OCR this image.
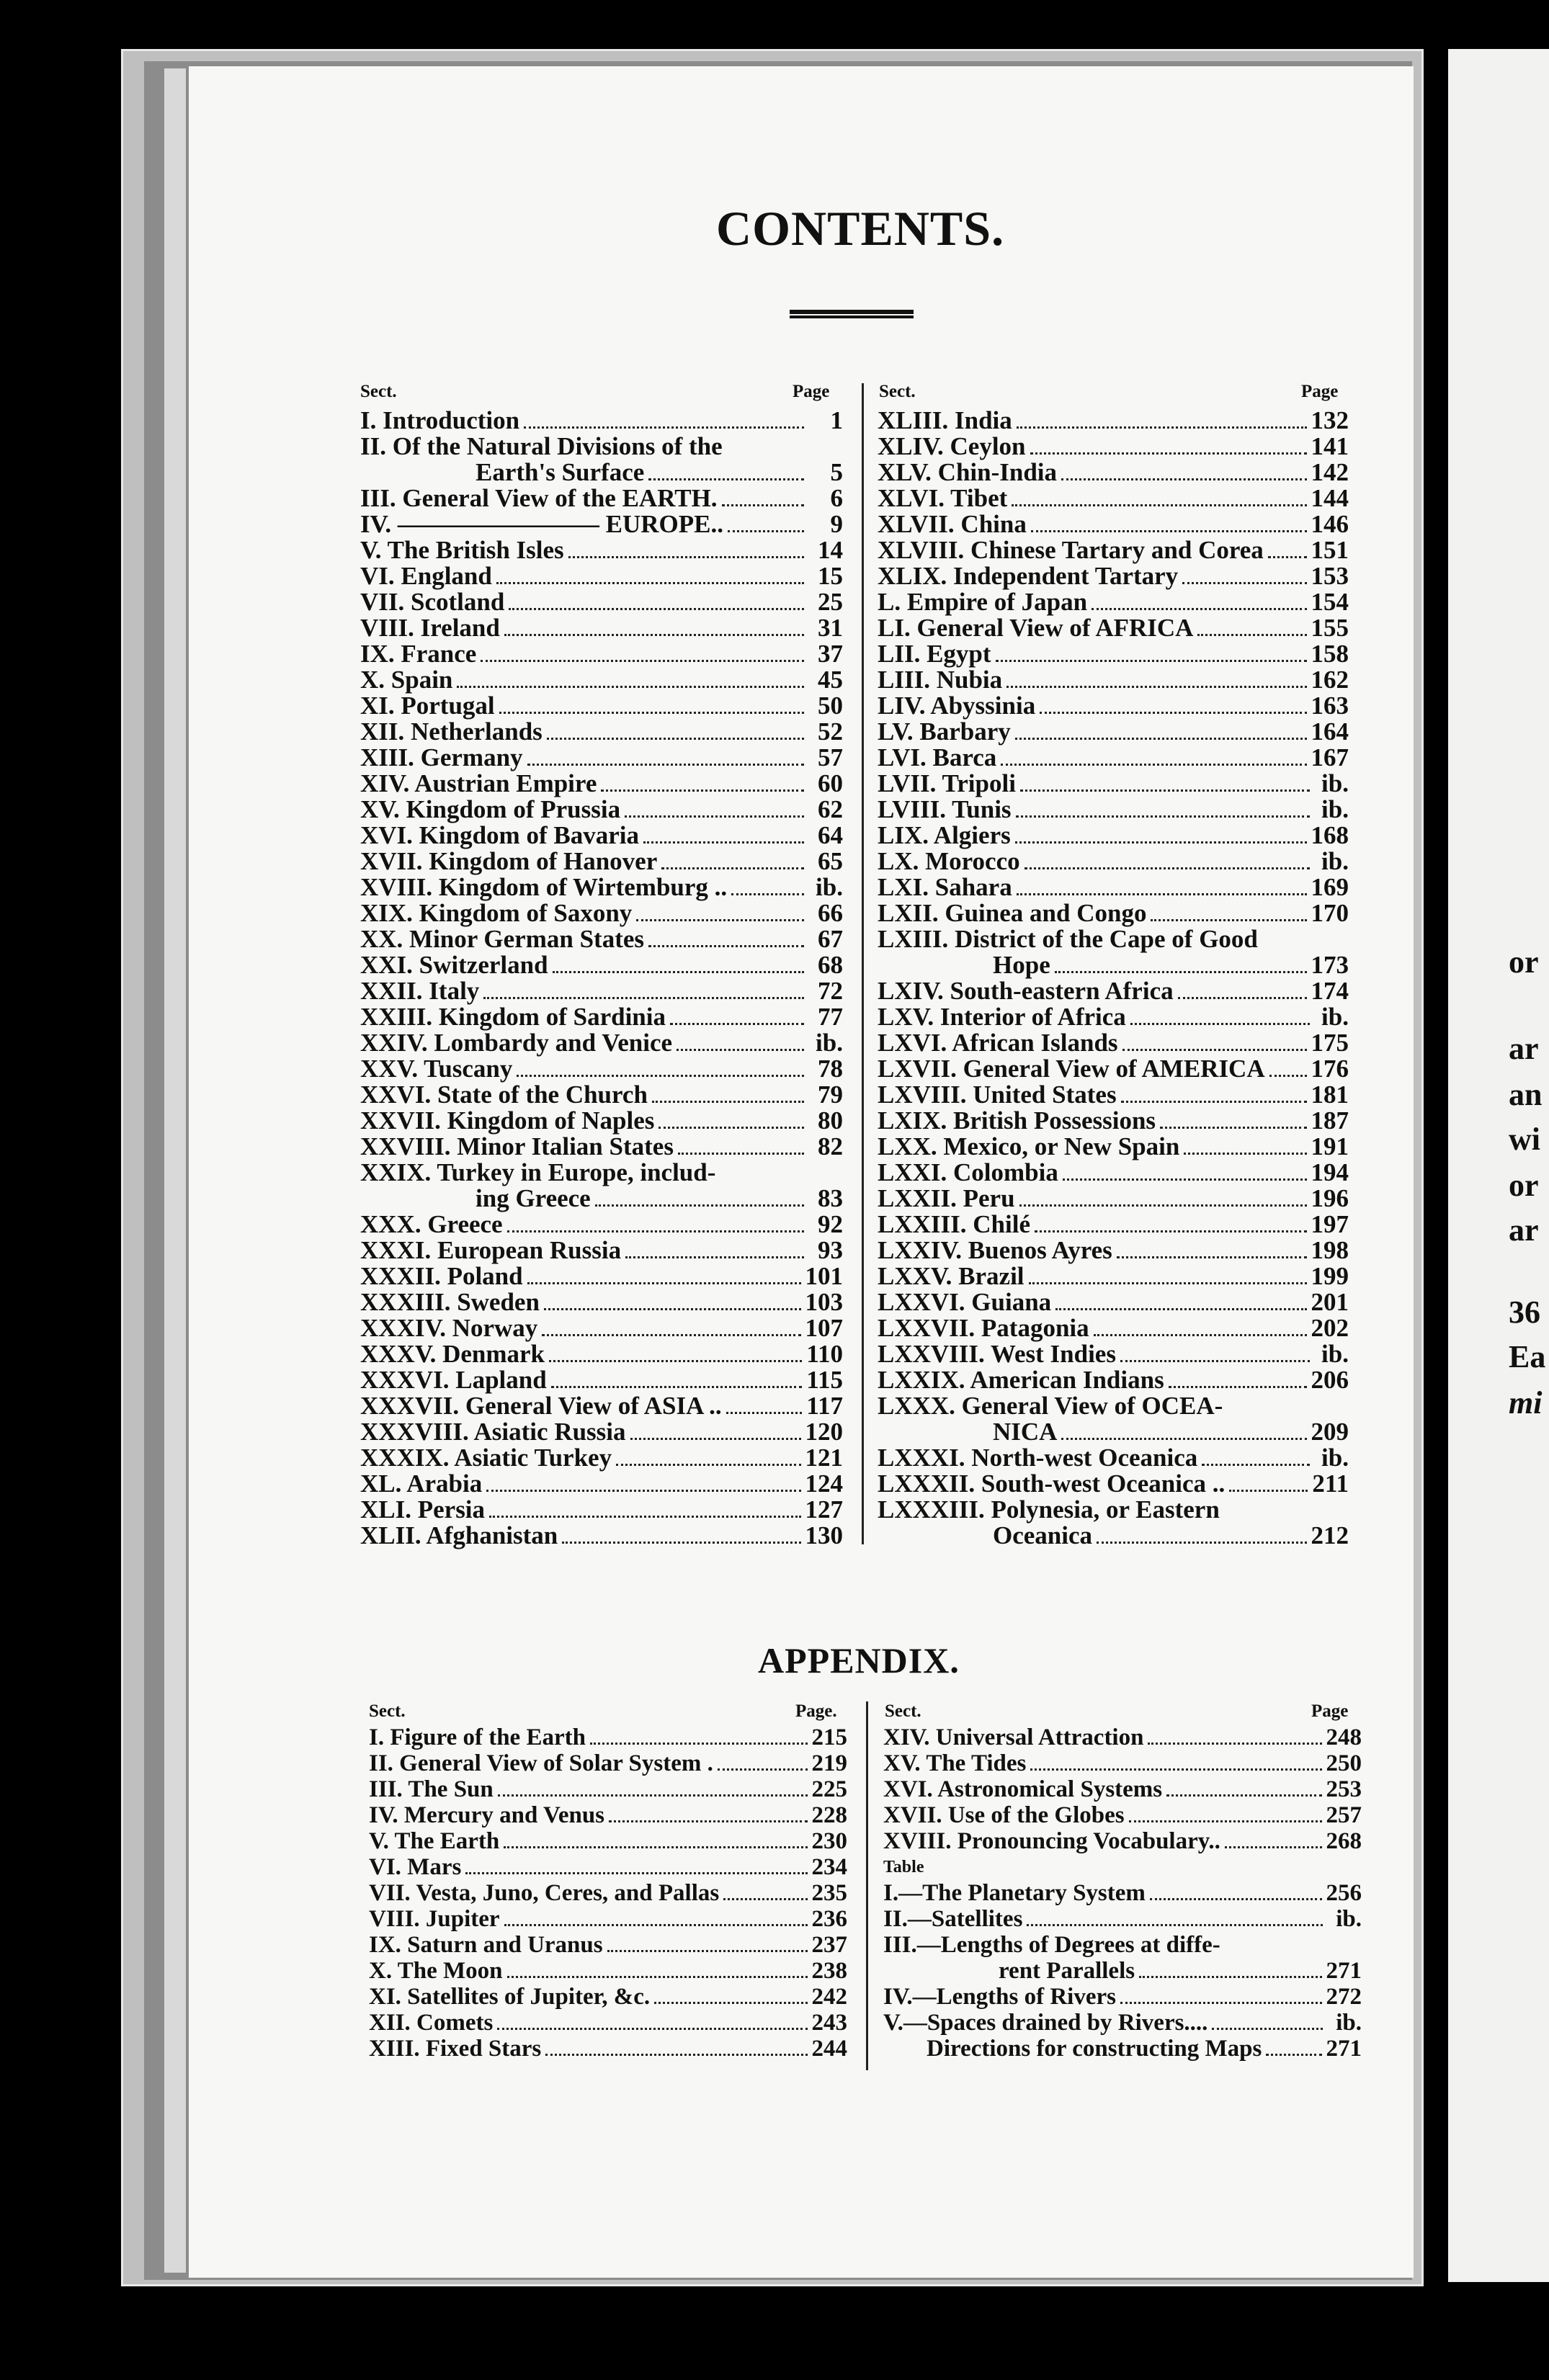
or
ar
an
wi
or
ar
36
Ea
mi
CONTENTS.
Sect.	Page	Sect.	Page
I. Introduction	1
II. Of the Natural Divisions of the
Earth's Surface	5
III. General View of the EARTH.	6
IV. ———————— EUROPE..	9
V. The British Isles	14
VI. England	15
VII. Scotland	25
VIII. Ireland	31
IX. France	37
X. Spain	45
XI. Portugal	50
XII. Netherlands	52
XIII. Germany	57
XIV. Austrian Empire	60
XV. Kingdom of Prussia	62
XVI. Kingdom of Bavaria	64
XVII. Kingdom of Hanover	65
XVIII. Kingdom of Wirtemburg ..	ib.
XIX. Kingdom of Saxony	66
XX. Minor German States	67
XXI. Switzerland	68
XXII. Italy	72
XXIII. Kingdom of Sardinia	77
XXIV. Lombardy and Venice	ib.
XXV. Tuscany	78
XXVI. State of the Church	79
XXVII. Kingdom of Naples	80
XXVIII. Minor Italian States	82
XXIX. Turkey in Europe, includ-
ing Greece	83
XXX. Greece	92
XXXI. European Russia	93
XXXII. Poland	101
XXXIII. Sweden	103
XXXIV. Norway	107
XXXV. Denmark	110
XXXVI. Lapland	115
XXXVII. General View of ASIA ..	117
XXXVIII. Asiatic Russia	120
XXXIX. Asiatic Turkey	121
XL. Arabia	124
XLI. Persia	127
XLII. Afghanistan	130
XLIII. India	132
XLIV. Ceylon	141
XLV. Chin-India	142
XLVI. Tibet	144
XLVII. China	146
XLVIII. Chinese Tartary and Corea 151
XLIX. Independent Tartary	153
L. Empire of Japan	154
LI. General View of AFRICA	155
LII. Egypt	158
LIII. Nubia	162
LIV. Abyssinia	163
LV. Barbary	164
LVI. Barca	167
LVII. Tripoli	ib.
LVIII. Tunis	ib.
LIX. Algiers	168
LX. Morocco	ib.
LXI. Sahara	169
LXII. Guinea and Congo	170
LXIII. District of the Cape of Good
Hope	173
LXIV. South-eastern Africa	174
LXV. Interior of Africa	ib.
LXVI. African Islands	175
LXVII. General View of AMERICA 176
LXVIII. United States	181
LXIX. British Possessions	187
LXX. Mexico, or New Spain	191
LXXI. Colombia	194
LXXII. Peru	196
LXXIII. Chilé	197
LXXIV. Buenos Ayres	198
LXXV. Brazil	199
LXXVI. Guiana	201
LXXVII. Patagonia	202
LXXVIII. West Indies	ib.
LXXIX. American Indians	206
LXXX. General View of OCEA-
NICA	209
LXXXI. North-west Oceanica	ib.
LXXXII. South-west Oceanica ..	211
LXXXIII. Polynesia, or Eastern
Oceanica	212
APPENDIX.
Sect.	Page.	Sect.	Page
I. Figure of the Earth	215
II. General View of Solar System .	219
III. The Sun	225
IV. Mercury and Venus	228
V. The Earth	230
VI. Mars	234
VII. Vesta, Juno, Ceres, and Pallas	235
VIII. Jupiter	236
IX. Saturn and Uranus	237
X. The Moon	238
XI. Satellites of Jupiter, &c.	242
XII. Comets	243
XIII. Fixed Stars	244
XIV. Universal Attraction	248
XV. The Tides	250
XVI. Astronomical Systems	253
XVII. Use of the Globes	257
XVIII. Pronouncing Vocabulary..	268
Table
I.—The Planetary System	256
II.—Satellites	ib.
III.—Lengths of Degrees at diffe-
rent Parallels	271
IV.—Lengths of Rivers	272
V.—Spaces drained by Rivers....	ib.
Directions for constructing Maps	271
